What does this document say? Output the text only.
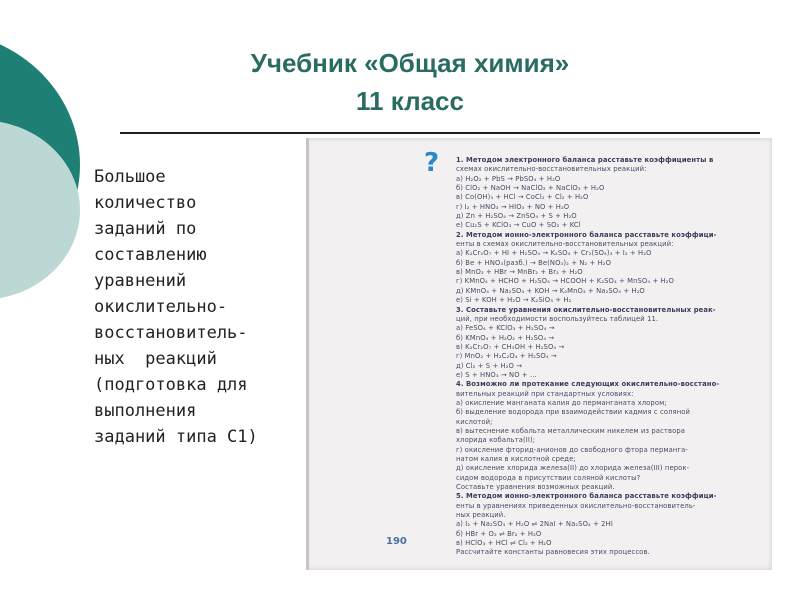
Учебник «Общая химия»
11 класс
Большое
количество
заданий по
составлению
уравнений
окислительно-
восстановитель-
ных  реакций
(подготовка для
выполнения
заданий типа С1)
? 1. Методом электронного баланса расставьте коэффициенты в
схемах окислительно-восстановительных реакций:
а) H₂O₂ + PbS → PbSO₄ + H₂O
б) ClO₂ + NaOH → NaClO₂ + NaClO₃ + H₂O
в) Co(OH)₃ + HCl → CoCl₂ + Cl₂ + H₂O
г) I₂ + HNO₃ → HIO₃ + NO + H₂O
д) Zn + H₂SO₄ → ZnSO₄ + S + H₂O
е) Cu₂S + KClO₃ → CuO + SO₂ + KCl
2. Методом ионно-электронного баланса расставьте коэффици-
енты в схемах окислительно-восстановительных реакций:
а) K₂Cr₂O₇ + HI + H₂SO₄ → K₂SO₄ + Cr₂(SO₄)₃ + I₂ + H₂O
б) Be + HNO₃(разб.) → Be(NO₃)₂ + N₂ + H₂O
в) MnO₂ + HBr → MnBr₂ + Br₂ + H₂O
г) KMnO₄ + HCHO + H₂SO₄ → HCOOH + K₂SO₄ + MnSO₄ + H₂O
д) KMnO₄ + Na₂SO₃ + KOH → K₂MnO₄ + Na₂SO₄ + H₂O
е) Si + KOH + H₂O → K₂SiO₃ + H₂
3. Составьте уравнения окислительно-восстановительных реак-
ций, при необходимости воспользуйтесь таблицей 11.
а) FeSO₄ + KClO₃ + H₂SO₄ →
б) KMnO₄ + H₂O₂ + H₂SO₄ →
в) K₂Cr₂O₇ + CH₃OH + H₂SO₄ →
г) MnO₂ + H₂C₂O₄ + H₂SO₄ →
д) Cl₂ + S + H₂O →
е) S + HNO₃ → NO + ...
4. Возможно ли протекание следующих окислительно-восстано-
вительных реакций при стандартных условиях:
а) окисление манганата калия до перманганата хлором;
б) выделение водорода при взаимодействии кадмия с соляной
кислотой;
в) вытеснение кобальта металлическим никелем из раствора
хлорида кобальта(II);
г) окисление фторид-анионов до свободного фтора перманга-
натом калия в кислотной среде;
д) окисление хлорида железа(II) до хлорида железа(III) перок-
сидом водорода в присутствии соляной кислоты?
Составьте уравнения возможных реакций.
5. Методом ионно-электронного баланса расставьте коэффици-
енты в уравнениях приведенных окислительно-восстановитель-
ных реакций.
а) I₂ + Na₂SO₃ + H₂O ⇌ 2NaI + Na₂SO₄ + 2HI
б) HBr + O₂ ⇌ Br₂ + H₂O
в) HClO₃ + HCl ⇌ Cl₂ + H₂O
Рассчитайте константы равновесия этих процессов.
190
